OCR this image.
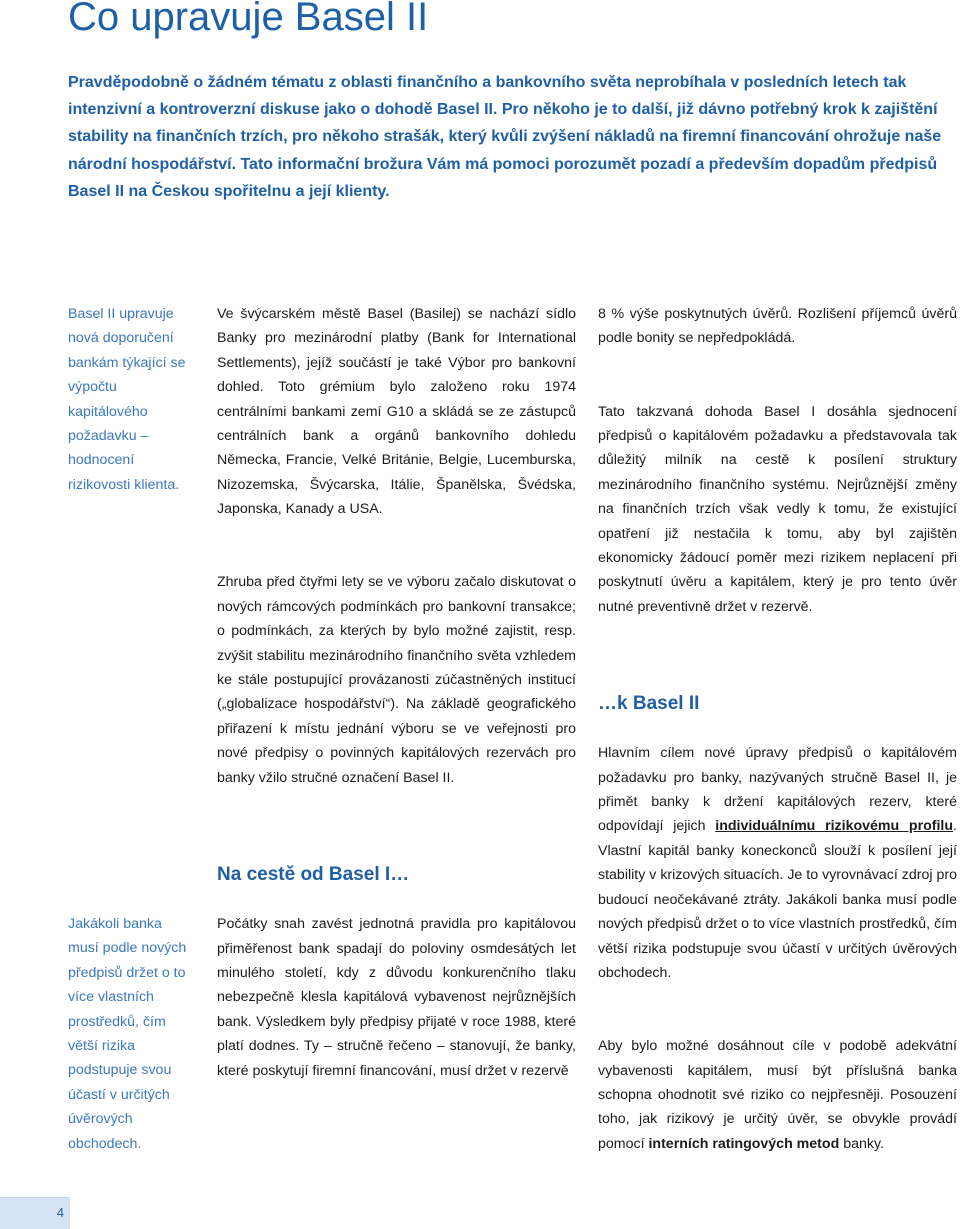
Co upravuje Basel II

Pravděpodobně o žádném tématu z oblasti finančního a bankovního světa neprobíhala v posledních letech tak intenzivní a kontroverzní diskuse jako o dohodě Basel II. Pro někoho je to další, již dávno potřebný krok k zajištění stability na finančních trzích, pro někoho strašák, který kvůli zvýšení nákladů na firemní financování ohrožuje naše národní hospodářství. Tato informační brožura Vám má pomoci porozumět pozadí a především dopadům předpisů Basel II na Českou spořitelnu a její klienty.

Basel II upravuje nová doporučení bankám týkající se výpočtu kapitálového požadavku – hodnocení rizikovosti klienta.

Jakákoli banka musí podle nových předpisů držet o to více vlastních prostředků, čím větší rizika podstupuje svou účastí v určitých úvěrových obchodech.

Ve švýcarském městě Basel (Basilej) se nachází sídlo Banky pro mezinárodní platby (Bank for International Settlements), jejíž součástí je také Výbor pro bankovní dohled. Toto grémium bylo založeno roku 1974 centrálními bankami zemí G10 a skládá se ze zástupců centrálních bank a orgánů bankovního dohledu Německa, Francie, Velké Británie, Belgie, Lucemburska, Nizozemska, Švýcarska, Itálie, Španělska, Švédska, Japonska, Kanady a USA.

Zhruba před čtyřmi lety se ve výboru začalo diskutovat o nových rámcových podmínkách pro bankovní transakce; o podmínkách, za kterých by bylo možné zajistit, resp. zvýšit stabilitu mezinárodního finančního světa vzhledem ke stále postupující provázanosti zúčastněných institucí („globalizace hospodářství“). Na základě geografického přiřazení k místu jednání výboru se ve veřejnosti pro nové předpisy o povinných kapitálových rezervách pro banky vžilo stručné označení Basel II.

Na cestě od Basel I…

Počátky snah zavést jednotná pravidla pro kapitálovou přiměřenost bank spadají do poloviny osmdesátých let minulého století, kdy z důvodu konkurenčního tlaku nebezpečně klesla kapitálová vybavenost nejrůznějších bank. Výsledkem byly předpisy přijaté v roce 1988, které platí dodnes. Ty – stručně řečeno – stanovují, že banky, které poskytují firemní financování, musí držet v rezervě

8 % výše poskytnutých úvěrů. Rozlišení příjemců úvěrů podle bonity se nepředpokládá.

Tato takzvaná dohoda Basel I dosáhla sjednocení předpisů o kapitálovém požadavku a představovala tak důležitý milník na cestě k posílení struktury mezinárodního finančního systému. Nejrůznější změny na finančních trzích však vedly k tomu, že existující opatření již nestačila k tomu, aby byl zajištěn ekonomicky žádoucí poměr mezi rizikem neplacení při poskytnutí úvěru a kapitálem, který je pro tento úvěr nutné preventivně držet v rezervě.

…k Basel II

Hlavním cílem nové úpravy předpisů o kapitálovém požadavku pro banky, nazývaných stručně Basel II, je přimět banky k držení kapitálových rezerv, které odpovídají jejich individuálnímu rizikovému profilu. Vlastní kapitál banky koneckonců slouží k posílení její stability v krizových situacích. Je to vyrovnávací zdroj pro budoucí neočekávané ztráty. Jakákoli banka musí podle nových předpisů držet o to více vlastních prostředků, čím větší rizika podstupuje svou účastí v určitých úvěrových obchodech.

Aby bylo možné dosáhnout cíle v podobě adekvátní vybavenosti kapitálem, musí být příslušná banka schopna ohodnotit své riziko co nejpřesněji. Posouzení toho, jak rizikový je určitý úvěr, se obvykle provádí pomocí interních ratingových metod banky.

4
